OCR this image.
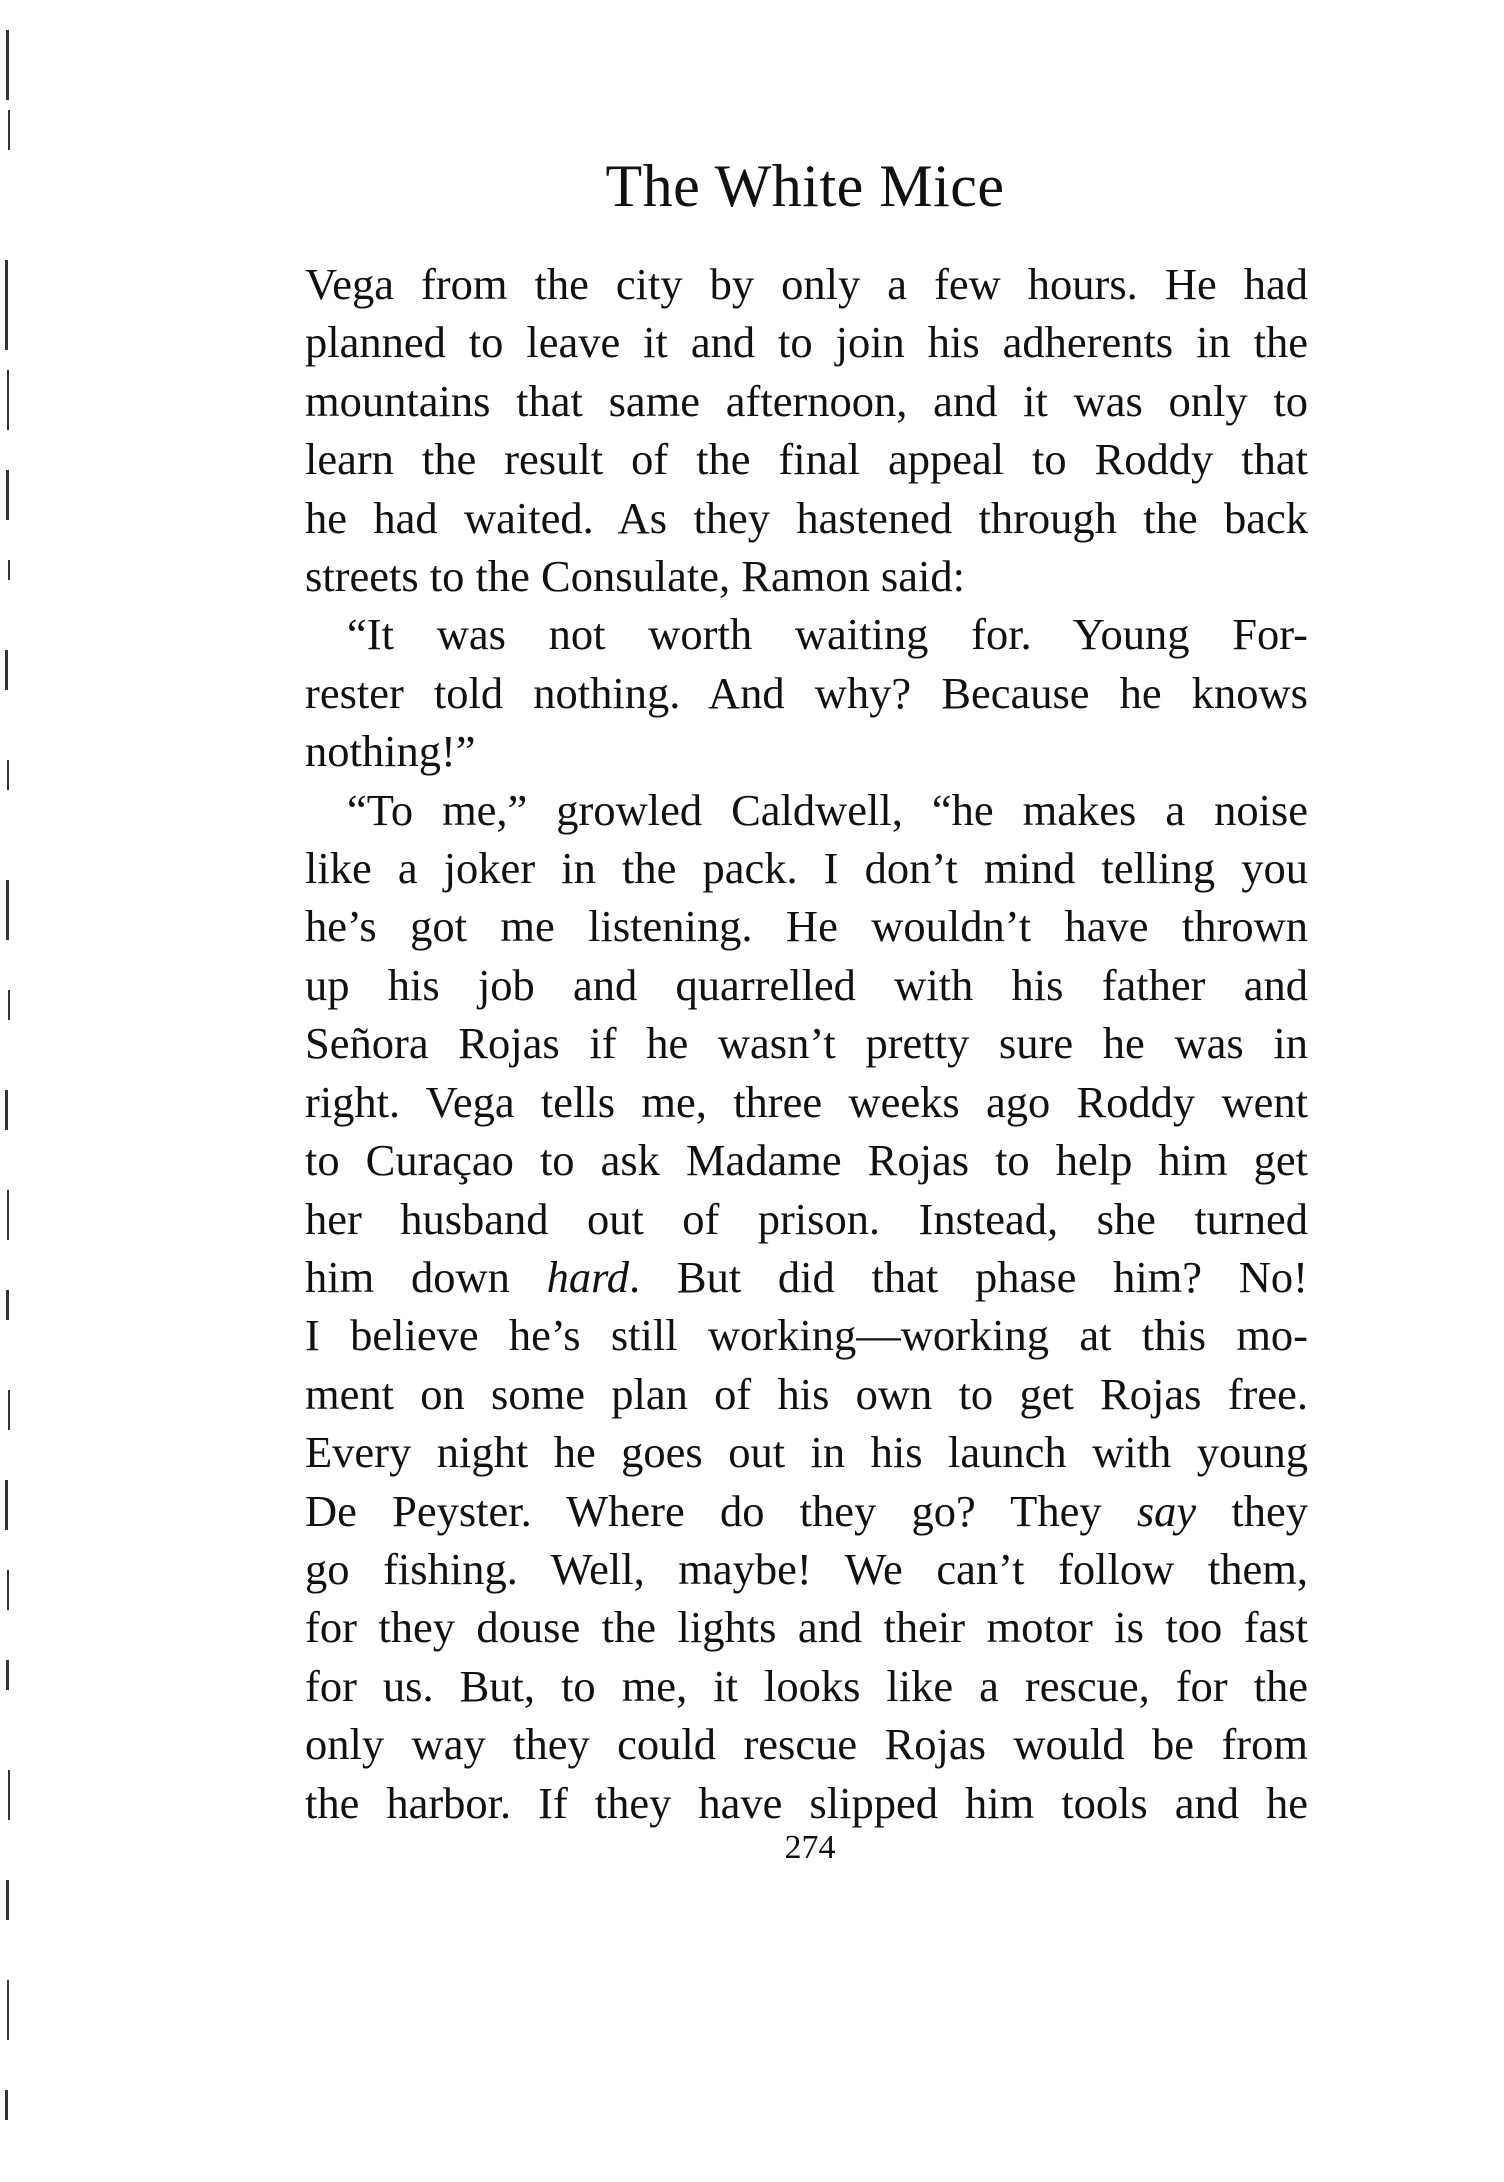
The White Mice
Vega from the city by only a few hours. He had
planned to leave it and to join his adherents in the
mountains that same afternoon, and it was only to
learn the result of the final appeal to Roddy that
he had waited. As they hastened through the back
streets to the Consulate, Ramon said:
“It was not worth waiting for. Young For-
rester told nothing. And why? Because he knows
nothing!”
“To me,” growled Caldwell, “he makes a noise
like a joker in the pack. I don’t mind telling you
he’s got me listening. He wouldn’t have thrown
up his job and quarrelled with his father and
Señora Rojas if he wasn’t pretty sure he was in
right. Vega tells me, three weeks ago Roddy went
to Curaçao to ask Madame Rojas to help him get
her husband out of prison. Instead, she turned
him down hard. But did that phase him? No!
I believe he’s still working—working at this mo-
ment on some plan of his own to get Rojas free.
Every night he goes out in his launch with young
De Peyster. Where do they go? They say they
go fishing. Well, maybe! We can’t follow them,
for they douse the lights and their motor is too fast
for us. But, to me, it looks like a rescue, for the
only way they could rescue Rojas would be from
the harbor. If they have slipped him tools and he
274
